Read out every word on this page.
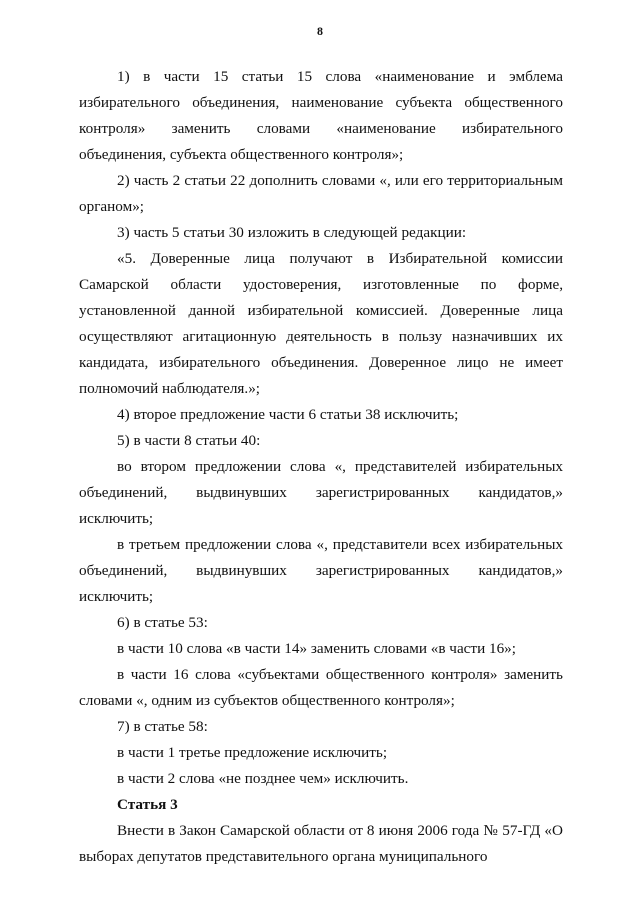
8

1) в части 15 статьи 15 слова «наименование и эмблема избирательного объединения, наименование субъекта общественного контроля» заменить словами «наименование избирательного объединения, субъекта общественного контроля»;

2) часть 2 статьи 22 дополнить словами «, или его территориальным органом»;

3) часть 5 статьи 30 изложить в следующей редакции:

«5. Доверенные лица получают в Избирательной комиссии Самарской области удостоверения, изготовленные по форме, установленной данной избирательной комиссией. Доверенные лица осуществляют агитационную деятельность в пользу назначивших их кандидата, избирательного объединения. Доверенное лицо не имеет полномочий наблюдателя.»;

4) второе предложение части 6 статьи 38 исключить;

5) в части 8 статьи 40:

во втором предложении слова «, представителей избирательных объединений, выдвинувших зарегистрированных кандидатов,» исключить;

в третьем предложении слова «, представители всех избирательных объединений, выдвинувших зарегистрированных кандидатов,» исключить;

6) в статье 53:

в части 10 слова «в части 14» заменить словами «в части 16»;

в части 16 слова «субъектами общественного контроля» заменить словами «, одним из субъектов общественного контроля»;

7) в статье 58:

в части 1 третье предложение исключить;

в части 2 слова «не позднее чем» исключить.

Статья 3

Внести в Закон Самарской области от 8 июня 2006 года № 57-ГД «О выборах депутатов представительного органа муниципального
